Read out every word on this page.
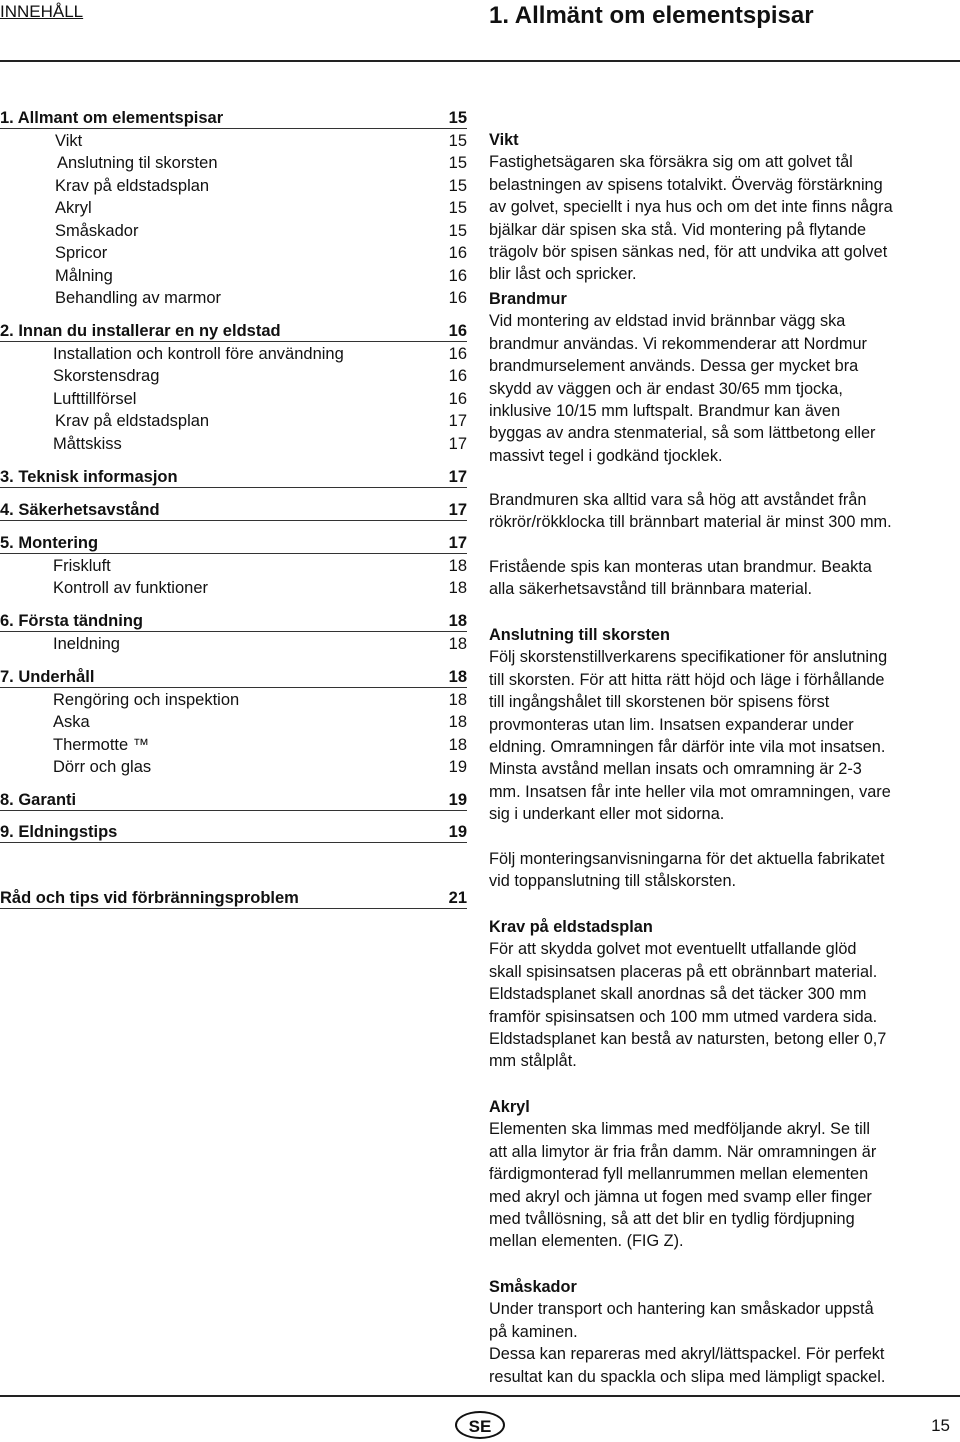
INNEHÅLL	1. Allmänt om elementspisar
1. Allmant om elementspisar	15
Vikt	15
Anslutning til skorsten	15
Krav på eldstadsplan	15
Akryl	15
Småskador	15
Spricor	16
Målning	16
Behandling av marmor	16
2. Innan du installerar en ny eldstad	16
Installation och kontroll före användning	16
Skorstensdrag	16
Lufttillförsel	16
Krav på eldstadsplan	17
Måttskiss	17
3. Teknisk informasjon	17
4. Säkerhetsavstånd	17
5. Montering	17
Friskluft	18
Kontroll av funktioner	18
6. Första tändning	18
Ineldning	18
7. Underhåll	18
Rengöring och inspektion	18
Aska	18
Thermotte ™	18
Dörr och glas	19
8. Garanti	19
9. Eldningstips	19
Råd och tips vid förbränningsproblem	21
Vikt
Fastighetsägaren ska försäkra sig om att golvet tål
belastningen av spisens totalvikt. Överväg förstärkning
av golvet, speciellt i nya hus och om det inte finns några
bjälkar där spisen ska stå. Vid montering på flytande
trägolv bör spisen sänkas ned, för att undvika att golvet
blir låst och spricker.
Brandmur
Vid montering av eldstad invid brännbar vägg ska
brandmur användas. Vi rekommenderar att Nordmur
brandmurselement används. Dessa ger mycket bra
skydd av väggen och är endast 30/65 mm tjocka,
inklusive 10/15 mm luftspalt. Brandmur kan även
byggas av andra stenmaterial, så som lättbetong eller
massivt tegel i godkänd tjocklek.
Brandmuren ska alltid vara så hög att avståndet från
rökrör/rökklocka till brännbart material är minst 300 mm.
Fristående spis kan monteras utan brandmur. Beakta
alla säkerhetsavstånd till brännbara material.
Anslutning till skorsten
Följ skorstenstillverkarens specifikationer för anslutning
till skorsten. För att hitta rätt höjd och läge i förhållande
till ingångshålet till skorstenen bör spisens först
provmonteras utan lim. Insatsen expanderar under
eldning. Omramningen får därför inte vila mot insatsen.
Minsta avstånd mellan insats och omramning är 2-3
mm. Insatsen får inte heller vila mot omramningen, vare
sig i underkant eller mot sidorna.
Följ monteringsanvisningarna för det aktuella fabrikatet
vid toppanslutning till stålskorsten.
Krav på eldstadsplan
För att skydda golvet mot eventuellt utfallande glöd
skall spisinsatsen placeras på ett obrännbart material.
Eldstadsplanet skall anordnas så det täcker 300 mm
framför spisinsatsen och 100 mm utmed vardera sida.
Eldstadsplanet kan bestå av natursten, betong eller 0,7
mm stålplåt.
Akryl
Elementen ska limmas med medföljande akryl. Se till
att alla limytor är fria från damm. När omramningen är
färdigmonterad fyll mellanrummen mellan elementen
med akryl och jämna ut fogen med svamp eller finger
med tvållösning, så att det blir en tydlig fördjupning
mellan elementen. (FIG Z).
Småskador
Under transport och hantering kan småskador uppstå
på kaminen.
Dessa kan repareras med akryl/lättspackel. För perfekt
resultat kan du spackla och slipa med lämpligt spackel.
SE	15
